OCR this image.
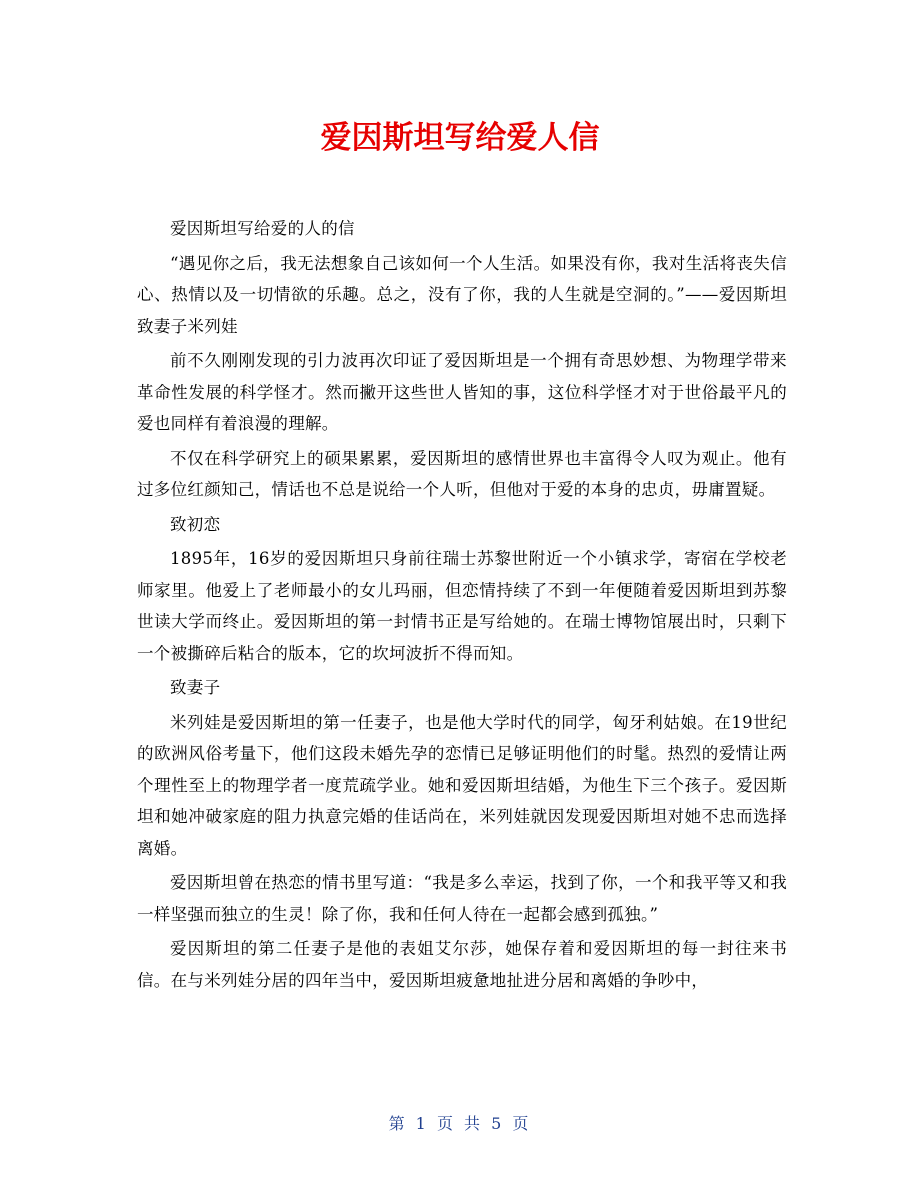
爱因斯坦写给爱人信

爱因斯坦写给爱的人的信

“遇见你之后，我无法想象自己该如何一个人生活。如果没有你，我对生活将丧失信心、热情以及一切情欲的乐趣。总之，没有了你，我的人生就是空洞的。”——爱因斯坦致妻子米列娃

前不久刚刚发现的引力波再次印证了爱因斯坦是一个拥有奇思妙想、为物理学带来革命性发展的科学怪才。然而撇开这些世人皆知的事，这位科学怪才对于世俗最平凡的爱也同样有着浪漫的理解。

不仅在科学研究上的硕果累累，爱因斯坦的感情世界也丰富得令人叹为观止。他有过多位红颜知己，情话也不总是说给一个人听，但他对于爱的本身的忠贞，毋庸置疑。

致初恋

1895年，16岁的爱因斯坦只身前往瑞士苏黎世附近一个小镇求学，寄宿在学校老师家里。他爱上了老师最小的女儿玛丽，但恋情持续了不到一年便随着爱因斯坦到苏黎世读大学而终止。爱因斯坦的第一封情书正是写给她的。在瑞士博物馆展出时，只剩下一个被撕碎后粘合的版本，它的坎坷波折不得而知。

致妻子

米列娃是爱因斯坦的第一任妻子，也是他大学时代的同学，匈牙利姑娘。在19世纪的欧洲风俗考量下，他们这段未婚先孕的恋情已足够证明他们的时髦。热烈的爱情让两个理性至上的物理学者一度荒疏学业。她和爱因斯坦结婚，为他生下三个孩子。爱因斯坦和她冲破家庭的阻力执意完婚的佳话尚在，米列娃就因发现爱因斯坦对她不忠而选择离婚。

爱因斯坦曾在热恋的情书里写道：“我是多么幸运，找到了你，一个和我平等又和我一样坚强而独立的生灵！除了你，我和任何人待在一起都会感到孤独。”

爱因斯坦的第二任妻子是他的表姐艾尔莎，她保存着和爱因斯坦的每一封往来书信。在与米列娃分居的四年当中，爱因斯坦疲惫地扯进分居和离婚的争吵中，

第 1 页 共 5 页
